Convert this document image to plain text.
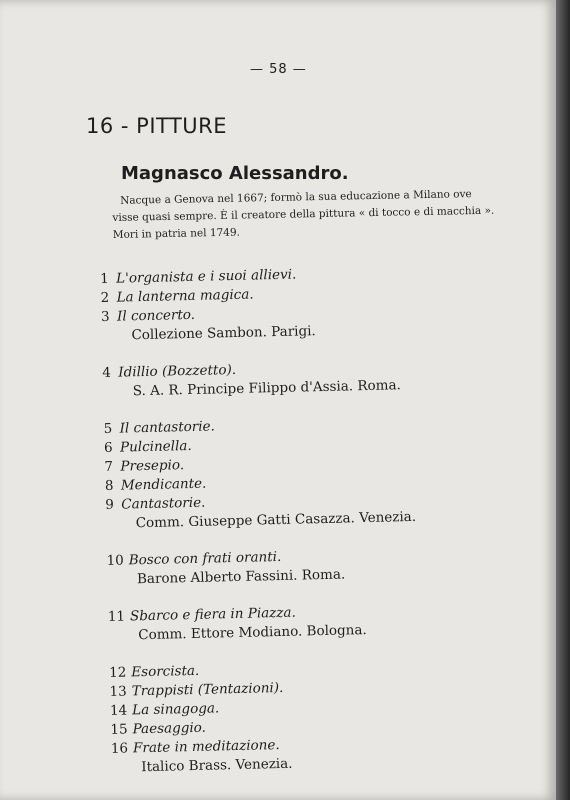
— 58 —
16 - PITTURE
Magnasco Alessandro.
Nacque a Genova nel 1667; formò la sua educazione a Milano ove
visse quasi sempre. È il creatore della pittura « di tocco e di macchia ».
Mori in patria nel 1749.
1 L'organista e i suoi allievi.
2 La lanterna magica.
3 Il concerto.
Collezione Sambon. Parigi.
4 Idillio (Bozzetto).
S. A. R. Principe Filippo d'Assia. Roma.
5 Il cantastorie.
6 Pulcinella.
7 Presepio.
8 Mendicante.
9 Cantastorie.
Comm. Giuseppe Gatti Casazza. Venezia.
10 Bosco con frati oranti.
Barone Alberto Fassini. Roma.
11 Sbarco e fiera in Piazza.
Comm. Ettore Modiano. Bologna.
12 Esorcista.
13 Trappisti (Tentazioni).
14 La sinagoga.
15 Paesaggio.
16 Frate in meditazione.
Italico Brass. Venezia.
